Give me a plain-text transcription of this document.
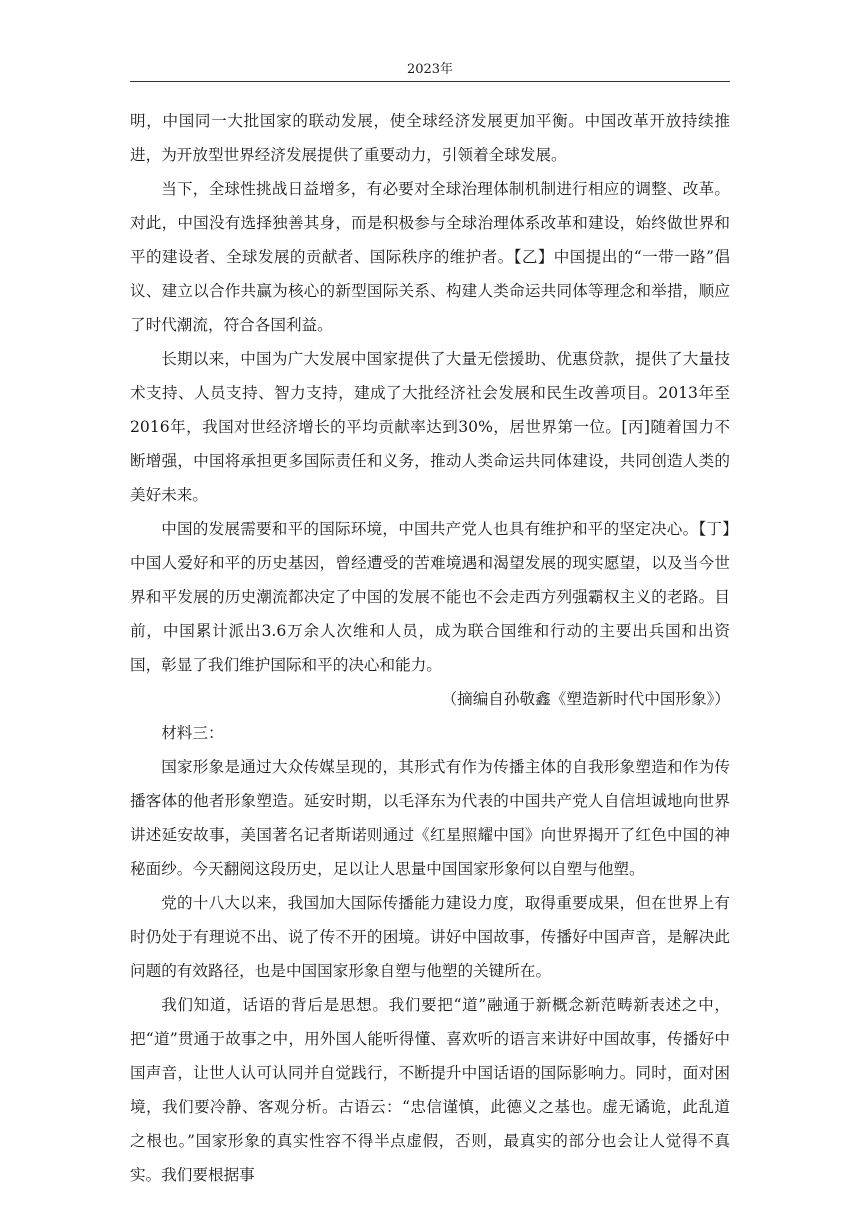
2023年

明，中国同一大批国家的联动发展，使全球经济发展更加平衡。中国改革开放持续推进，为开放型世界经济发展提供了重要动力，引领着全球发展。

当下，全球性挑战日益增多，有必要对全球治理体制机制进行相应的调整、改革。对此，中国没有选择独善其身，而是积极参与全球治理体系改革和建设，始终做世界和平的建设者、全球发展的贡献者、国际秩序的维护者。【乙】中国提出的“一带一路”倡议、建立以合作共赢为核心的新型国际关系、构建人类命运共同体等理念和举措，顺应了时代潮流，符合各国利益。

长期以来，中国为广大发展中国家提供了大量无偿援助、优惠贷款，提供了大量技术支持、人员支持、智力支持，建成了大批经济社会发展和民生改善项目。2013年至2016年，我国对世经济增长的平均贡献率达到30%，居世界第一位。[丙]随着国力不断增强，中国将承担更多国际责任和义务，推动人类命运共同体建设，共同创造人类的美好未来。

中国的发展需要和平的国际环境，中国共产党人也具有维护和平的坚定决心。【丁】中国人爱好和平的历史基因，曾经遭受的苦难境遇和渴望发展的现实愿望，以及当今世界和平发展的历史潮流都决定了中国的发展不能也不会走西方列强霸权主义的老路。目前，中国累计派出3.6万余人次维和人员，成为联合国维和行动的主要出兵国和出资国，彰显了我们维护国际和平的决心和能力。

（摘编自孙敬鑫《塑造新时代中国形象》）

材料三：

国家形象是通过大众传媒呈现的，其形式有作为传播主体的自我形象塑造和作为传播客体的他者形象塑造。延安时期，以毛泽东为代表的中国共产党人自信坦诚地向世界讲述延安故事，美国著名记者斯诺则通过《红星照耀中国》向世界揭开了红色中国的神秘面纱。今天翻阅这段历史，足以让人思量中国国家形象何以自塑与他塑。

党的十八大以来，我国加大国际传播能力建设力度，取得重要成果，但在世界上有时仍处于有理说不出、说了传不开的困境。讲好中国故事，传播好中国声音，是解决此问题的有效路径，也是中国国家形象自塑与他塑的关键所在。

我们知道，话语的背后是思想。我们要把“道”融通于新概念新范畴新表述之中，把“道”贯通于故事之中，用外国人能听得懂、喜欢听的语言来讲好中国故事，传播好中国声音，让世人认可认同并自觉践行，不断提升中国话语的国际影响力。同时，面对困境，我们要冷静、客观分析。古语云：“忠信谨慎，此德义之基也。虚无谲诡，此乱道之根也。”国家形象的真实性容不得半点虚假，否则，最真实的部分也会让人觉得不真实。我们要根据事
